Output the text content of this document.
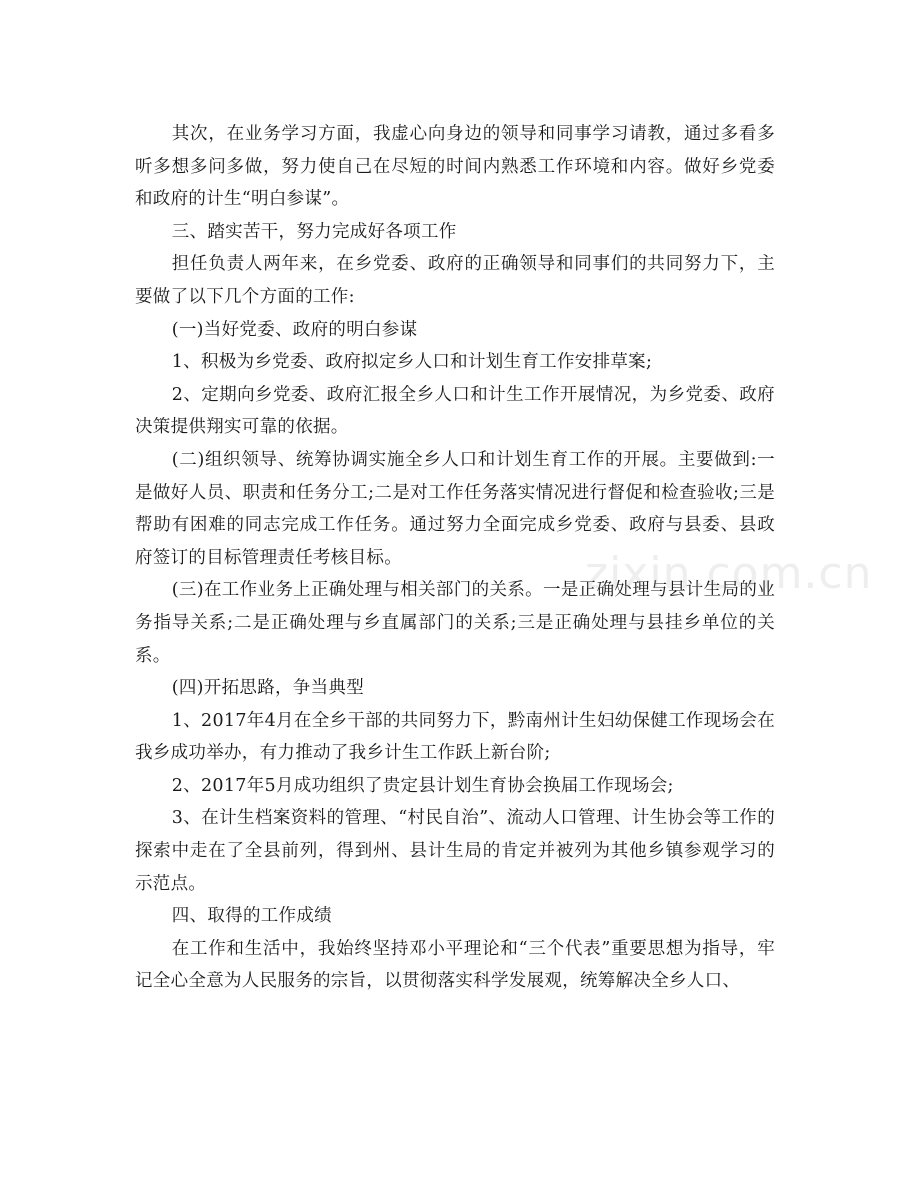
其次，在业务学习方面，我虚心向身边的领导和同事学习请教，通过多看多听多想多问多做，努力使自己在尽短的时间内熟悉工作环境和内容。做好乡党委和政府的计生“明白参谋”。

三、踏实苦干，努力完成好各项工作

担任负责人两年来，在乡党委、政府的正确领导和同事们的共同努力下，主要做了以下几个方面的工作:

(一)当好党委、政府的明白参谋

1、积极为乡党委、政府拟定乡人口和计划生育工作安排草案;

2、定期向乡党委、政府汇报全乡人口和计生工作开展情况，为乡党委、政府决策提供翔实可靠的依据。

(二)组织领导、统筹协调实施全乡人口和计划生育工作的开展。主要做到:一是做好人员、职责和任务分工;二是对工作任务落实情况进行督促和检查验收;三是帮助有困难的同志完成工作任务。通过努力全面完成乡党委、政府与县委、县政府签订的目标管理责任考核目标。

(三)在工作业务上正确处理与相关部门的关系。一是正确处理与县计生局的业务指导关系;二是正确处理与乡直属部门的关系;三是正确处理与县挂乡单位的关系。

(四)开拓思路，争当典型

1、2017年4月在全乡干部的共同努力下，黔南州计生妇幼保健工作现场会在我乡成功举办，有力推动了我乡计生工作跃上新台阶;

2、2017年5月成功组织了贵定县计划生育协会换届工作现场会;

3、在计生档案资料的管理、“村民自治”、流动人口管理、计生协会等工作的探索中走在了全县前列，得到州、县计生局的肯定并被列为其他乡镇参观学习的示范点。

四、取得的工作成绩

在工作和生活中，我始终坚持邓小平理论和“三个代表”重要思想为指导，牢记全心全意为人民服务的宗旨，以贯彻落实科学发展观，统筹解决全乡人口、

zixin.com.cn
